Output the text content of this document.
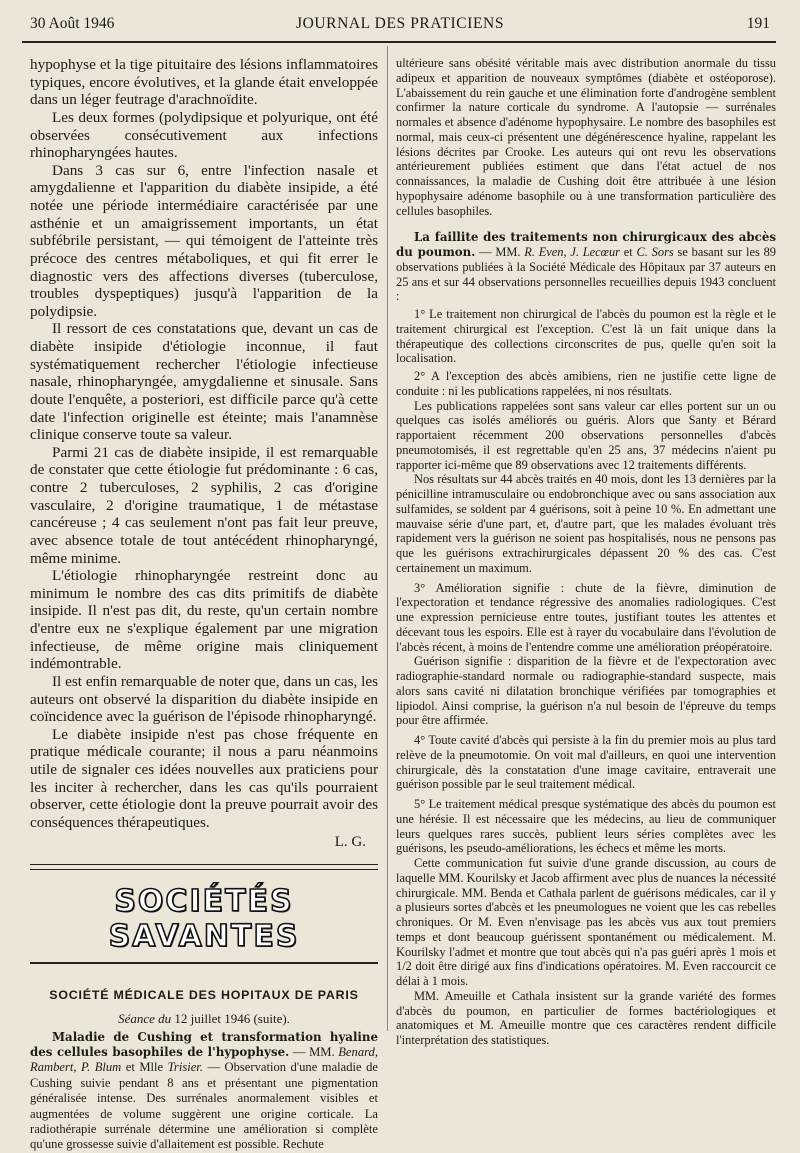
30 Août 1946	JOURNAL DES PRATICIENS	191

hypophyse et la tige pituitaire des lésions inflammatoires typiques, encore évolutives, et la glande était enveloppée dans un léger feutrage d'arachnoïdite.

Les deux formes (polydipsique et polyurique, ont été observées consécutivement aux infections rhinopharyngées hautes.

Dans 3 cas sur 6, entre l'infection nasale et amygdalienne et l'apparition du diabète insipide, a été notée une période intermédiaire caractérisée par une asthénie et un amaigrissement importants, un état subfébrile persistant, — qui témoigent de l'atteinte très précoce des centres métaboliques, et qui fit errer le diagnostic vers des affections diverses (tuberculose, troubles dyspeptiques) jusqu'à l'apparition de la polydipsie.

Il ressort de ces constatations que, devant un cas de diabète insipide d'étiologie inconnue, il faut systématiquement rechercher l'étiologie infectieuse nasale, rhinopharyngée, amygdalienne et sinusale. Sans doute l'enquête, a posteriori, est difficile parce qu'à cette date l'infection originelle est éteinte; mais l'anamnèse clinique conserve toute sa valeur.

Parmi 21 cas de diabète insipide, il est remarquable de constater que cette étiologie fut prédominante : 6 cas, contre 2 tuberculoses, 2 syphilis, 2 cas d'origine vasculaire, 2 d'origine traumatique, 1 de métastase cancéreuse ; 4 cas seulement n'ont pas fait leur preuve, avec absence totale de tout antécédent rhinopharyngé, même minime.

L'étiologie rhinopharyngée restreint donc au minimum le nombre des cas dits primitifs de diabète insipide. Il n'est pas dit, du reste, qu'un certain nombre d'entre eux ne s'explique également par une migration infectieuse, de même origine mais cliniquement indémontrable.

Il est enfin remarquable de noter que, dans un cas, les auteurs ont observé la disparition du diabète insipide en coïncidence avec la guérison de l'épisode rhinopharyngé.

Le diabète insipide n'est pas chose fréquente en pratique médicale courante; il nous a paru néanmoins utile de signaler ces idées nouvelles aux praticiens pour les inciter à rechercher, dans les cas qu'ils pourraient observer, cette étiologie dont la preuve pourrait avoir des conséquences thérapeutiques.

L. G.
SOCIÉTÉS SAVANTES
SOCIÉTÉ MÉDICALE DES HOPITAUX DE PARIS
Séance du 12 juillet 1946 (suite).

Maladie de Cushing et transformation hyaline des cellules basophiles de l'hypophyse. — MM. Benard, Rambert, P. Blum et Mlle Trisier. — Observation d'une maladie de Cushing suivie pendant 8 ans et présentant une pigmentation généralisée intense. Des surrénales anormalement visibles et augmentées de volume suggèrent une origine corticale. La radiothérapie surrénale détermine une amélioration si complète qu'une grossesse suivie d'allaitement est possible. Rechute

ultérieure sans obésité véritable mais avec distribution anormale du tissu adipeux et apparition de nouveaux symptômes (diabète et ostéoporose). L'abaissement du rein gauche et une élimination forte d'androgène semblent confirmer la nature corticale du syndrome. A l'autopsie — surrénales normales et absence d'adénome hypophysaire. Le nombre des basophiles est normal, mais ceux-ci présentent une dégénérescence hyaline, rappelant les lésions décrites par Crooke. Les auteurs qui ont revu les observations antérieurement publiées estiment que dans l'état actuel de nos connaissances, la maladie de Cushing doit être attribuée à une lésion hypophysaire adénome basophile ou à une transformation particulière des cellules basophiles.

La faillite des traitements non chirurgicaux des abcès du poumon. — MM. R. Even, J. Lecœur et C. Sors se basant sur les 89 observations publiées à la Société Médicale des Hôpitaux par 37 auteurs en 25 ans et sur 44 observations personnelles recueillies depuis 1943 concluent :

1° Le traitement non chirurgical de l'abcès du poumon est la règle et le traitement chirurgical est l'exception. C'est là un fait unique dans la thérapeutique des collections circonscrites de pus, quelle qu'en soit la localisation.

2° A l'exception des abcès amibiens, rien ne justifie cette ligne de conduite : ni les publications rappelées, ni nos résultats.

Les publications rappelées sont sans valeur car elles portent sur un ou quelques cas isolés améliorés ou guéris. Alors que Santy et Bérard rapportaient récemment 200 observations personnelles d'abcès pneumotomisés, il est regrettable qu'en 25 ans, 37 médecins n'aient pu rapporter ici-même que 89 observations avec 12 traitements différents.

Nos résultats sur 44 abcès traités en 40 mois, dont les 13 dernières par la pénicilline intramusculaire ou endobronchique avec ou sans association aux sulfamides, se soldent par 4 guérisons, soit à peine 10 %. En admettant une mauvaise série d'une part, et, d'autre part, que les malades évoluant très rapidement vers la guérison ne soient pas hospitalisés, nous ne pensons pas que les guérisons extrachirurgicales dépassent 20 % des cas. C'est certainement un maximum.

3° Amélioration signifie : chute de la fièvre, diminution de l'expectoration et tendance régressive des anomalies radiologiques. C'est une expression pernicieuse entre toutes, justifiant toutes les attentes et décevant tous les espoirs. Elle est à rayer du vocabulaire dans l'évolution de l'abcès récent, à moins de l'entendre comme une amélioration préopératoire.

Guérison signifie : disparition de la fièvre et de l'expectoration avec radiographie-standard normale ou radiographie-standard suspecte, mais alors sans cavité ni dilatation bronchique vérifiées par tomographies et lipiodol. Ainsi comprise, la guérison n'a nul besoin de l'épreuve du temps pour être affirmée.

4° Toute cavité d'abcès qui persiste à la fin du premier mois au plus tard relève de la pneumotomie. On voit mal d'ailleurs, en quoi une intervention chirurgicale, dès la constatation d'une image cavitaire, entraverait une guérison possible par le seul traitement médical.

5° Le traitement médical presque systématique des abcès du poumon est une hérésie. Il est nécessaire que les médecins, au lieu de communiquer leurs quelques rares succès, publient leurs séries complètes avec les guérisons, les pseudo-améliorations, les échecs et même les morts.

Cette communication fut suivie d'une grande discussion, au cours de laquelle MM. Kourilsky et Jacob affirment avec plus de nuances la nécessité chirurgicale. MM. Benda et Cathala parlent de guérisons médicales, car il y a plusieurs sortes d'abcès et les pneumologues ne voient que les cas rebelles chroniques. Or M. Even n'envisage pas les abcès vus aux tout premiers temps et dont beaucoup guérissent spontanément ou médicalement. M. Kourilsky l'admet et montre que tout abcès qui n'a pas guéri après 1 mois et 1/2 doit être dirigé aux fins d'indications opératoires. M. Even raccourcit ce délai à 1 mois.

MM. Ameuille et Cathala insistent sur la grande variété des formes d'abcès du poumon, en particulier de formes bactériologiques et anatomiques et M. Ameuille montre que ces caractères rendent difficile l'interprétation des statistiques.
